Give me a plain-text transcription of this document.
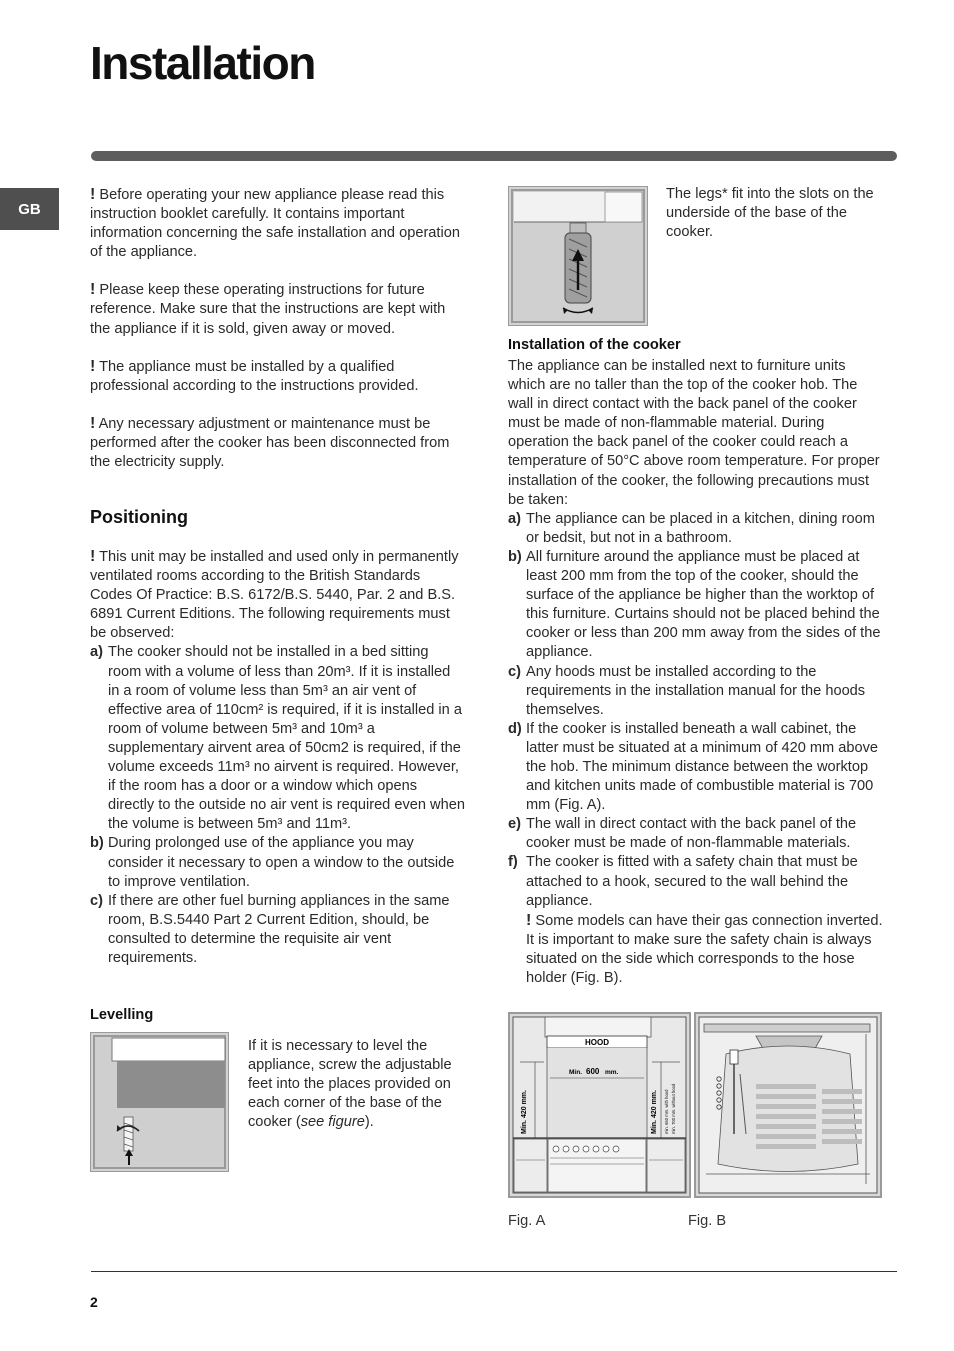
Installation
GB

! Before operating your new appliance please read this instruction booklet carefully. It contains important information concerning the safe installation and operation of the appliance.

! Please keep these operating instructions for future reference. Make sure that the instructions are kept with the appliance if it is sold, given away or moved.

! The appliance must be installed by a qualified professional according to the instructions provided.

! Any necessary adjustment or maintenance must be performed after the cooker has been disconnected from the electricity supply.

Positioning

! This unit may be installed and used only in permanently ventilated rooms according to the British Standards Codes Of Practice: B.S. 6172/B.S. 5440, Par. 2 and B.S. 6891 Current Editions. The following requirements must be observed:

a) The cooker should not be installed in a bed sitting room with a volume of less than 20m³. If it is installed in a room of volume less than 5m³ an air vent of effective area of 110cm² is required, if it is installed in a room of volume between 5m³ and 10m³ a supplementary airvent area of 50cm2 is required, if the volume exceeds 11m³ no airvent is required. However, if the room has a door or a window which opens directly to the outside no air vent is required even when the volume is between 5m³ and 11m³.
b) During prolonged use of the appliance you may consider it necessary to open a window to the outside to improve ventilation.
c) If there are other fuel burning appliances in the same room, B.S.5440 Part 2 Current Edition, should, be consulted to determine the requisite air vent requirements.
Levelling
If it is necessary to level the appliance, screw the adjustable feet into the places provided on each corner of the base of the cooker (see figure).
The legs* fit into the slots on the underside of the base of the cooker.
Installation of the cooker

The appliance can be installed next to furniture units which are no taller than the top of the cooker hob. The wall in direct contact with the back panel of the cooker must be made of non-flammable material. During operation the back panel of the cooker could reach a temperature of 50°C above room temperature. For proper installation of the cooker, the following precautions must be taken:

a) The appliance can be placed in a kitchen, dining room or bedsit, but not in a bathroom.
b) All furniture around the appliance must be placed at least 200 mm from the top of the cooker, should the surface of the appliance be higher than the worktop of this furniture. Curtains should not be placed behind the cooker or less than 200 mm away from the sides of the appliance.
c) Any hoods must be installed according to the requirements in the installation manual for the hoods themselves.
d) If the cooker is installed beneath a wall cabinet, the latter must be situated at a minimum of 420 mm above the hob. The minimum distance between the worktop and kitchen units made of combustible material is 700 mm (Fig. A).
e) The wall in direct contact with the back panel of the cooker must be made of non-flammable materials.
f) The cooker is fitted with a safety chain that must be attached to a hook, secured to the wall behind the appliance.
! Some models can have their gas connection inverted. It is important to make sure the safety chain is always situated on the side which corresponds to the hose holder (Fig. B).
HOOD
Min. 600 mm.
Min. 420 mm.	Min. 420 mm. min. 650 mm. with hood min. 700 mm. without hood
Fig. A	Fig. B
2
